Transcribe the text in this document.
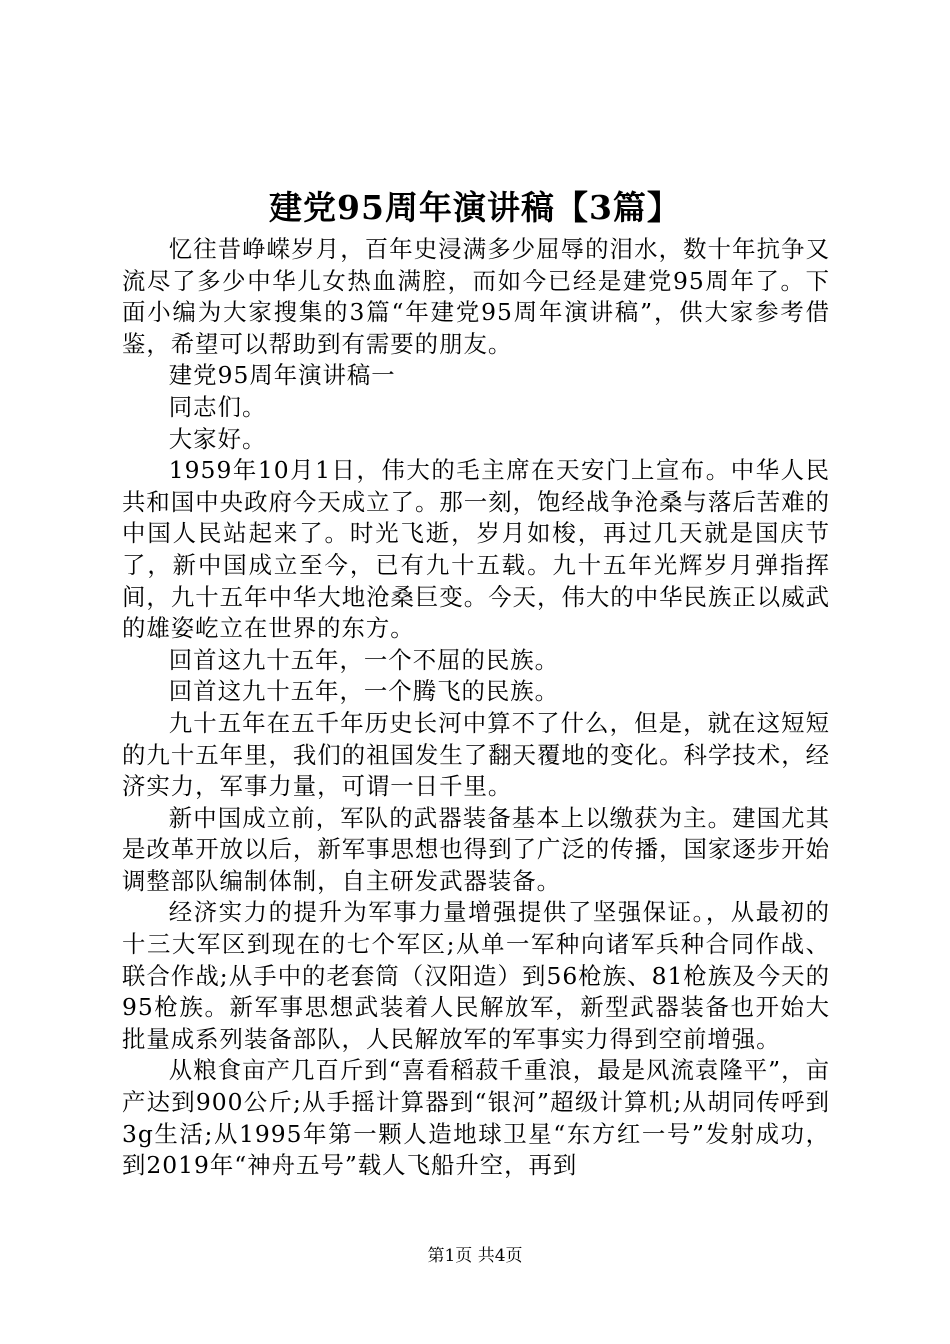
建党95周年演讲稿【3篇】

忆往昔峥嵘岁月，百年史浸满多少屈辱的泪水，数十年抗争又流尽了多少中华儿女热血满腔，而如今已经是建党95周年了。下面小编为大家搜集的3篇“年建党95周年演讲稿”，供大家参考借鉴，希望可以帮助到有需要的朋友。

建党95周年演讲稿一

同志们。

大家好。

1959年10月1日，伟大的毛主席在天安门上宣布。中华人民共和国中央政府今天成立了。那一刻，饱经战争沧桑与落后苦难的中国人民站起来了。时光飞逝，岁月如梭，再过几天就是国庆节了，新中国成立至今，已有九十五载。九十五年光辉岁月弹指挥间，九十五年中华大地沧桑巨变。今天，伟大的中华民族正以威武的雄姿屹立在世界的东方。

回首这九十五年，一个不屈的民族。

回首这九十五年，一个腾飞的民族。

九十五年在五千年历史长河中算不了什么，但是，就在这短短的九十五年里，我们的祖国发生了翻天覆地的变化。科学技术，经济实力，军事力量，可谓一日千里。

新中国成立前，军队的武器装备基本上以缴获为主。建国尤其是改革开放以后，新军事思想也得到了广泛的传播，国家逐步开始调整部队编制体制，自主研发武器装备。

经济实力的提升为军事力量增强提供了坚强保证。，从最初的十三大军区到现在的七个军区;从单一军种向诸军兵种合同作战、联合作战;从手中的老套筒（汉阳造）到56枪族、81枪族及今天的95枪族。新军事思想武装着人民解放军，新型武器装备也开始大批量成系列装备部队，人民解放军的军事实力得到空前增强。

从粮食亩产几百斤到“喜看稻菽千重浪，最是风流袁隆平”，亩产达到900公斤;从手摇计算器到“银河”超级计算机;从胡同传呼到3g生活;从1995年第一颗人造地球卫星“东方红一号”发射成功，到2019年“神舟五号”载人飞船升空，再到

第1页 共4页
